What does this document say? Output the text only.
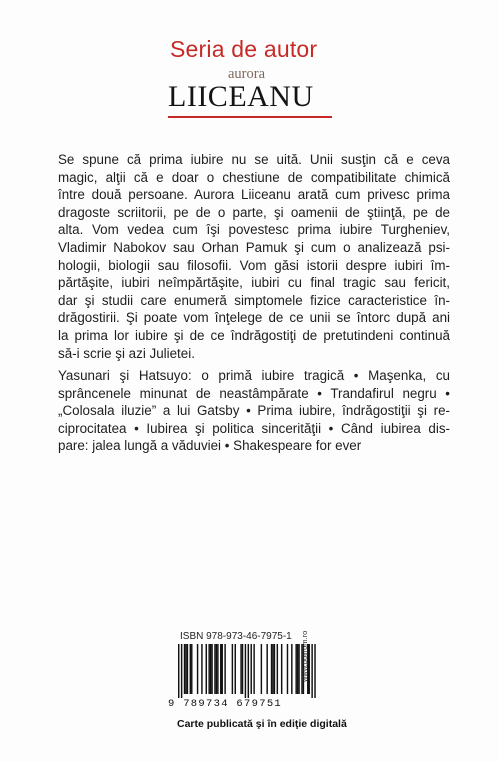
Seria de autor
aurora
LIICEANU
Se spune că prima iubire nu se uită. Unii susţin că e ceva
magic, alţii că e doar o chestiune de compatibilitate chimică
între două persoane. Aurora Liiceanu arată cum privesc prima
dragoste scriitorii, pe de o parte, şi oamenii de ştiinţă, pe de
alta. Vom vedea cum îşi povestesc prima iubire Turgheniev,
Vladimir Nabokov sau Orhan Pamuk şi cum o analizează psi-
hologii, biologii sau filosofii. Vom găsi istorii despre iubiri îm-
părtăşite, iubiri neîmpărtăşite, iubiri cu final tragic sau fericit,
dar şi studii care enumeră simptomele fizice caracteristice în-
drăgostirii. Şi poate vom înţelege de ce unii se întorc după ani
la prima lor iubire şi de ce îndrăgostiţi de pretutindeni continuă
să-i scrie şi azi Julietei.
Yasunari şi Hatsuyo: o primă iubire tragică • Maşenka, cu
sprâncenele minunat de neastâmpărate • Trandafirul negru •
„Colosala iluzie” a lui Gatsby • Prima iubire, îndrăgostiţii şi re-
ciprocitatea • Iubirea şi politica sincerităţii • Când iubirea dis-
pare: jalea lungă a văduviei • Shakespeare for ever
ISBN 978-973-46-7975-1
9 789734 679751
www.polirom.ro
Carte publicată şi în ediţie digitală
